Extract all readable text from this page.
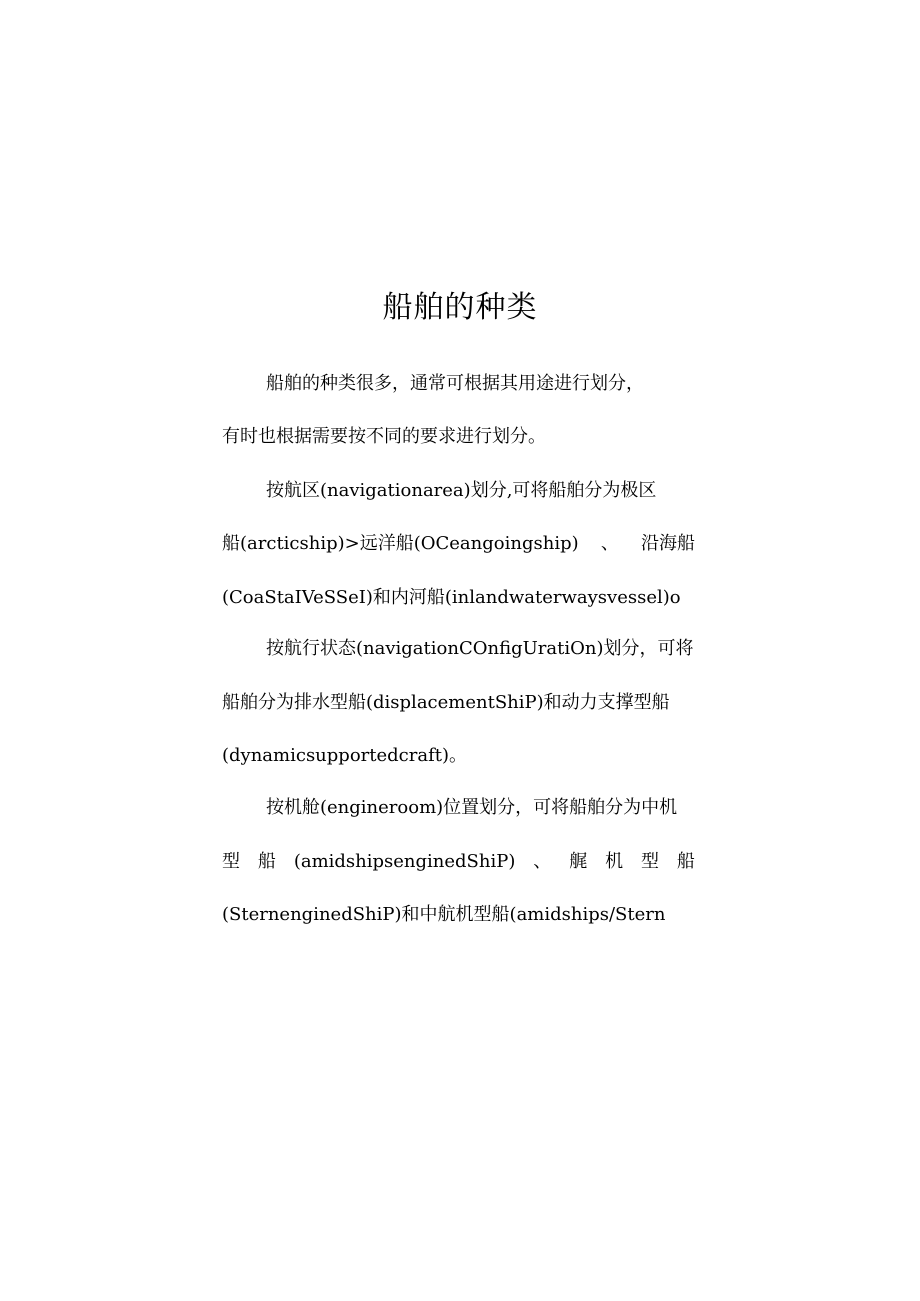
船舶的种类
船舶的种类很多，通常可根据其用途进行划分，
有时也根据需要按不同的要求进行划分。
按航区(navigationarea)划分,可将船舶分为极区
船(arcticship)>远洋船(OCeangoingship) 、 沿海船
(CoaStaIVeSSeI)和内河船(inlandwaterwaysvessel)o
按航行状态(navigationCOnfigUratiOn)划分，可将
船舶分为排水型船(displacementShiP)和动力支撑型船
(dynamicsupportedcraft)。
按机舱(engineroom)位置划分，可将船舶分为中机
型 船 (amidshipsenginedShiP) 、 艉 机 型 船
(SternenginedShiP)和中航机型船(amidships/Stern
